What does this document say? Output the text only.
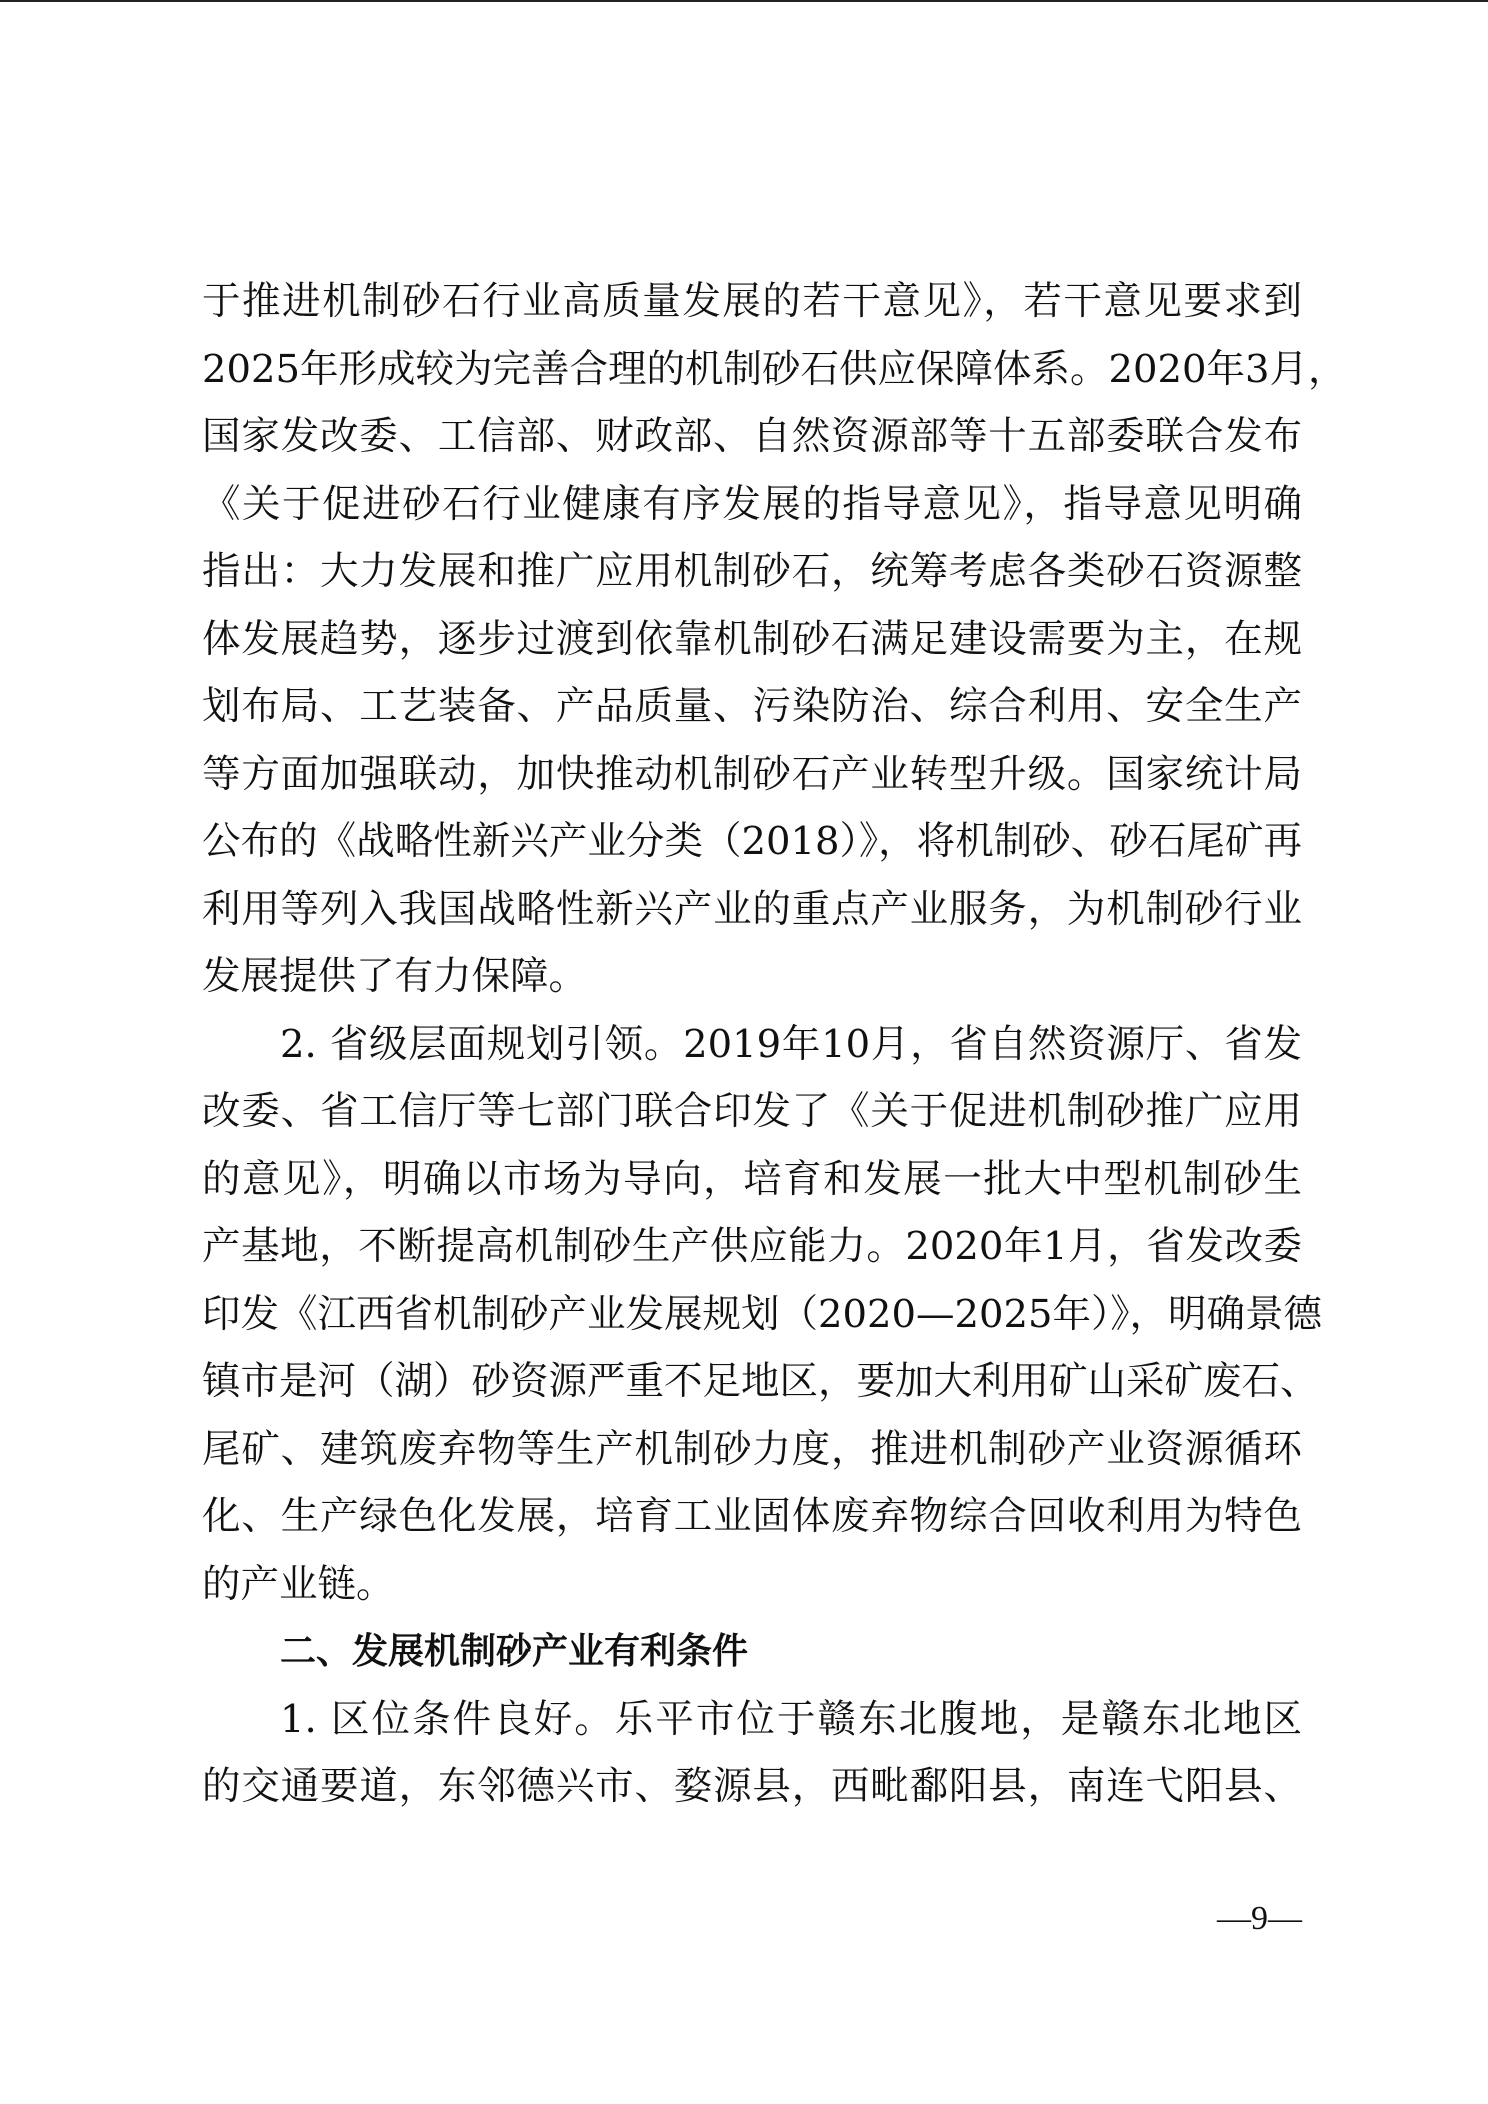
于推进机制砂石行业高质量发展的若干意见》，若干意见要求到
2025年形成较为完善合理的机制砂石供应保障体系。2020年3月，
国家发改委、工信部、财政部、自然资源部等十五部委联合发布
《关于促进砂石行业健康有序发展的指导意见》，指导意见明确
指出：大力发展和推广应用机制砂石，统筹考虑各类砂石资源整
体发展趋势，逐步过渡到依靠机制砂石满足建设需要为主，在规
划布局、工艺装备、产品质量、污染防治、综合利用、安全生产
等方面加强联动，加快推动机制砂石产业转型升级。国家统计局
公布的《战略性新兴产业分类（2018）》，将机制砂、砂石尾矿再
利用等列入我国战略性新兴产业的重点产业服务，为机制砂行业
发展提供了有力保障。
2. 省级层面规划引领。2019年10月，省自然资源厅、省发
改委、省工信厅等七部门联合印发了《关于促进机制砂推广应用
的意见》，明确以市场为导向，培育和发展一批大中型机制砂生
产基地，不断提高机制砂生产供应能力。2020年1月，省发改委
印发《江西省机制砂产业发展规划（2020—2025年）》，明确景德
镇市是河（湖）砂资源严重不足地区，要加大利用矿山采矿废石、
尾矿、建筑废弃物等生产机制砂力度，推进机制砂产业资源循环
化、生产绿色化发展，培育工业固体废弃物综合回收利用为特色
的产业链。
二、发展机制砂产业有利条件
1. 区位条件良好。乐平市位于赣东北腹地，是赣东北地区
的交通要道，东邻德兴市、婺源县，西毗鄱阳县，南连弋阳县、
—9—
